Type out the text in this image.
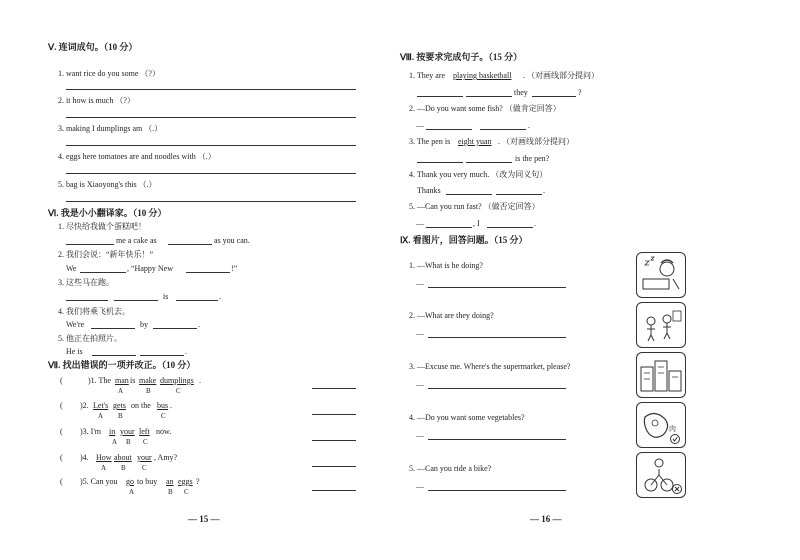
Ⅴ. 连词成句。（10 分）
1. want rice do you some （?）
2. it how is much （?）
3. making I dumplings am （.）
4. eggs here tomatoes are and noodles with （.）
5. bag is Xiaoyong's this （.）
Ⅵ. 我是小小翻译家。（10 分）
1. 尽快给我做个蛋糕吧！
me a cake as	as you can.
2. 我们会说：“新年快乐！”
We	, “Happy New	!”
3. 这些马在跑。
is	.
4. 我们将乘飞机去。
We're	by	.
5. 他正在拍照片。
He is	.
Ⅶ. 找出错误的一项并改正。（10 分）
(	)1. The man is make dumplings .
A	B	C
( )2. Let's gets on the bus .
A B	C
( )3. I'm in your left now.
A B C
( )4. How about your , Amy?
A B C
( )5. Can you go to buy an eggs ?
A	B C
— 15 —
Ⅷ. 按要求完成句子。（15 分）
1. They are playing basketball . （对画线部分提问）
they	?
2. —Do you want some fish? （做肯定回答）
—	.
3. The pen is eight yuan . （对画线部分提问）
is the pen?
4. Thank you very much. （改为同义句）
Thanks	.
5. —Can you run fast? （做否定回答）
—	, I	.
Ⅸ. 看图片，回答问题。（15 分）
1. —What is he doing?
—
2. —What are they doing?
—
3. —Excuse me. Where's the supermarket, please?
—
4. —Do you want some vegetables?
—
5. —Can you ride a bike?
—
肉
— 16 —
